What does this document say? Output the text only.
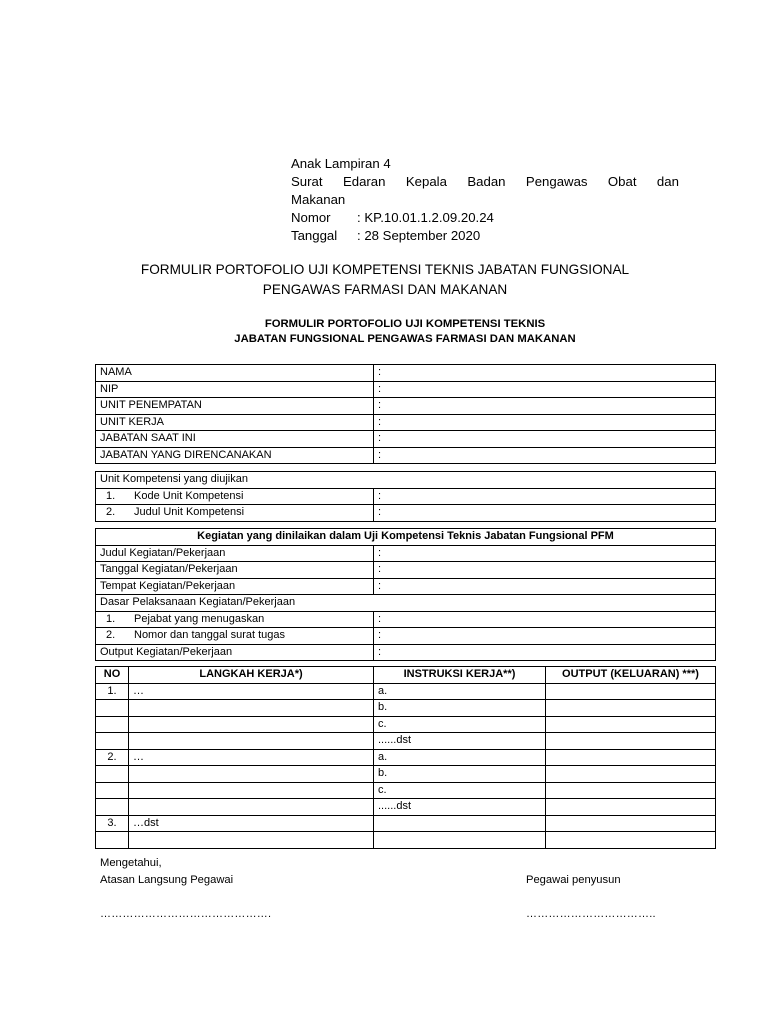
Anak Lampiran 4
Surat Edaran Kepala Badan Pengawas Obat dan
Makanan
Nomor : KP.10.01.1.2.09.20.24
Tanggal : 28 September 2020
FORMULIR PORTOFOLIO UJI KOMPETENSI TEKNIS JABATAN FUNGSIONAL
PENGAWAS FARMASI DAN MAKANAN
FORMULIR PORTOFOLIO UJI KOMPETENSI TEKNIS
JABATAN FUNGSIONAL PENGAWAS FARMASI DAN MAKANAN
NAMA	:
NIP	:
UNIT PENEMPATAN	:
UNIT KERJA	:
JABATAN SAAT INI	:
JABATAN YANG DIRENCANAKAN	:
Unit Kompetensi yang diujikan	
1. Kode Unit Kompetensi	:
2. Judul Unit Kompetensi	:
Kegiatan yang dinilaikan dalam Uji Kompetensi Teknis Jabatan Fungsional PFM	
Judul Kegiatan/Pekerjaan	:
Tanggal Kegiatan/Pekerjaan	:
Tempat Kegiatan/Pekerjaan	:
Dasar Pelaksanaan Kegiatan/Pekerjaan	
1. Pejabat yang menugaskan	:
2. Nomor dan tanggal surat tugas	:
Output Kegiatan/Pekerjaan	:
NO	LANGKAH KERJA*)	INSTRUKSI KERJA**)	OUTPUT (KELUARAN) ***)
1.	…	a.	
		b.	
		c.	
		......dst	
2.	…	a.	
		b.	
		c.	
		......dst	
3.	…dst		

Mengetahui,
Atasan Langsung Pegawai
……………………………………….
Pegawai penyusun
……………………………..
